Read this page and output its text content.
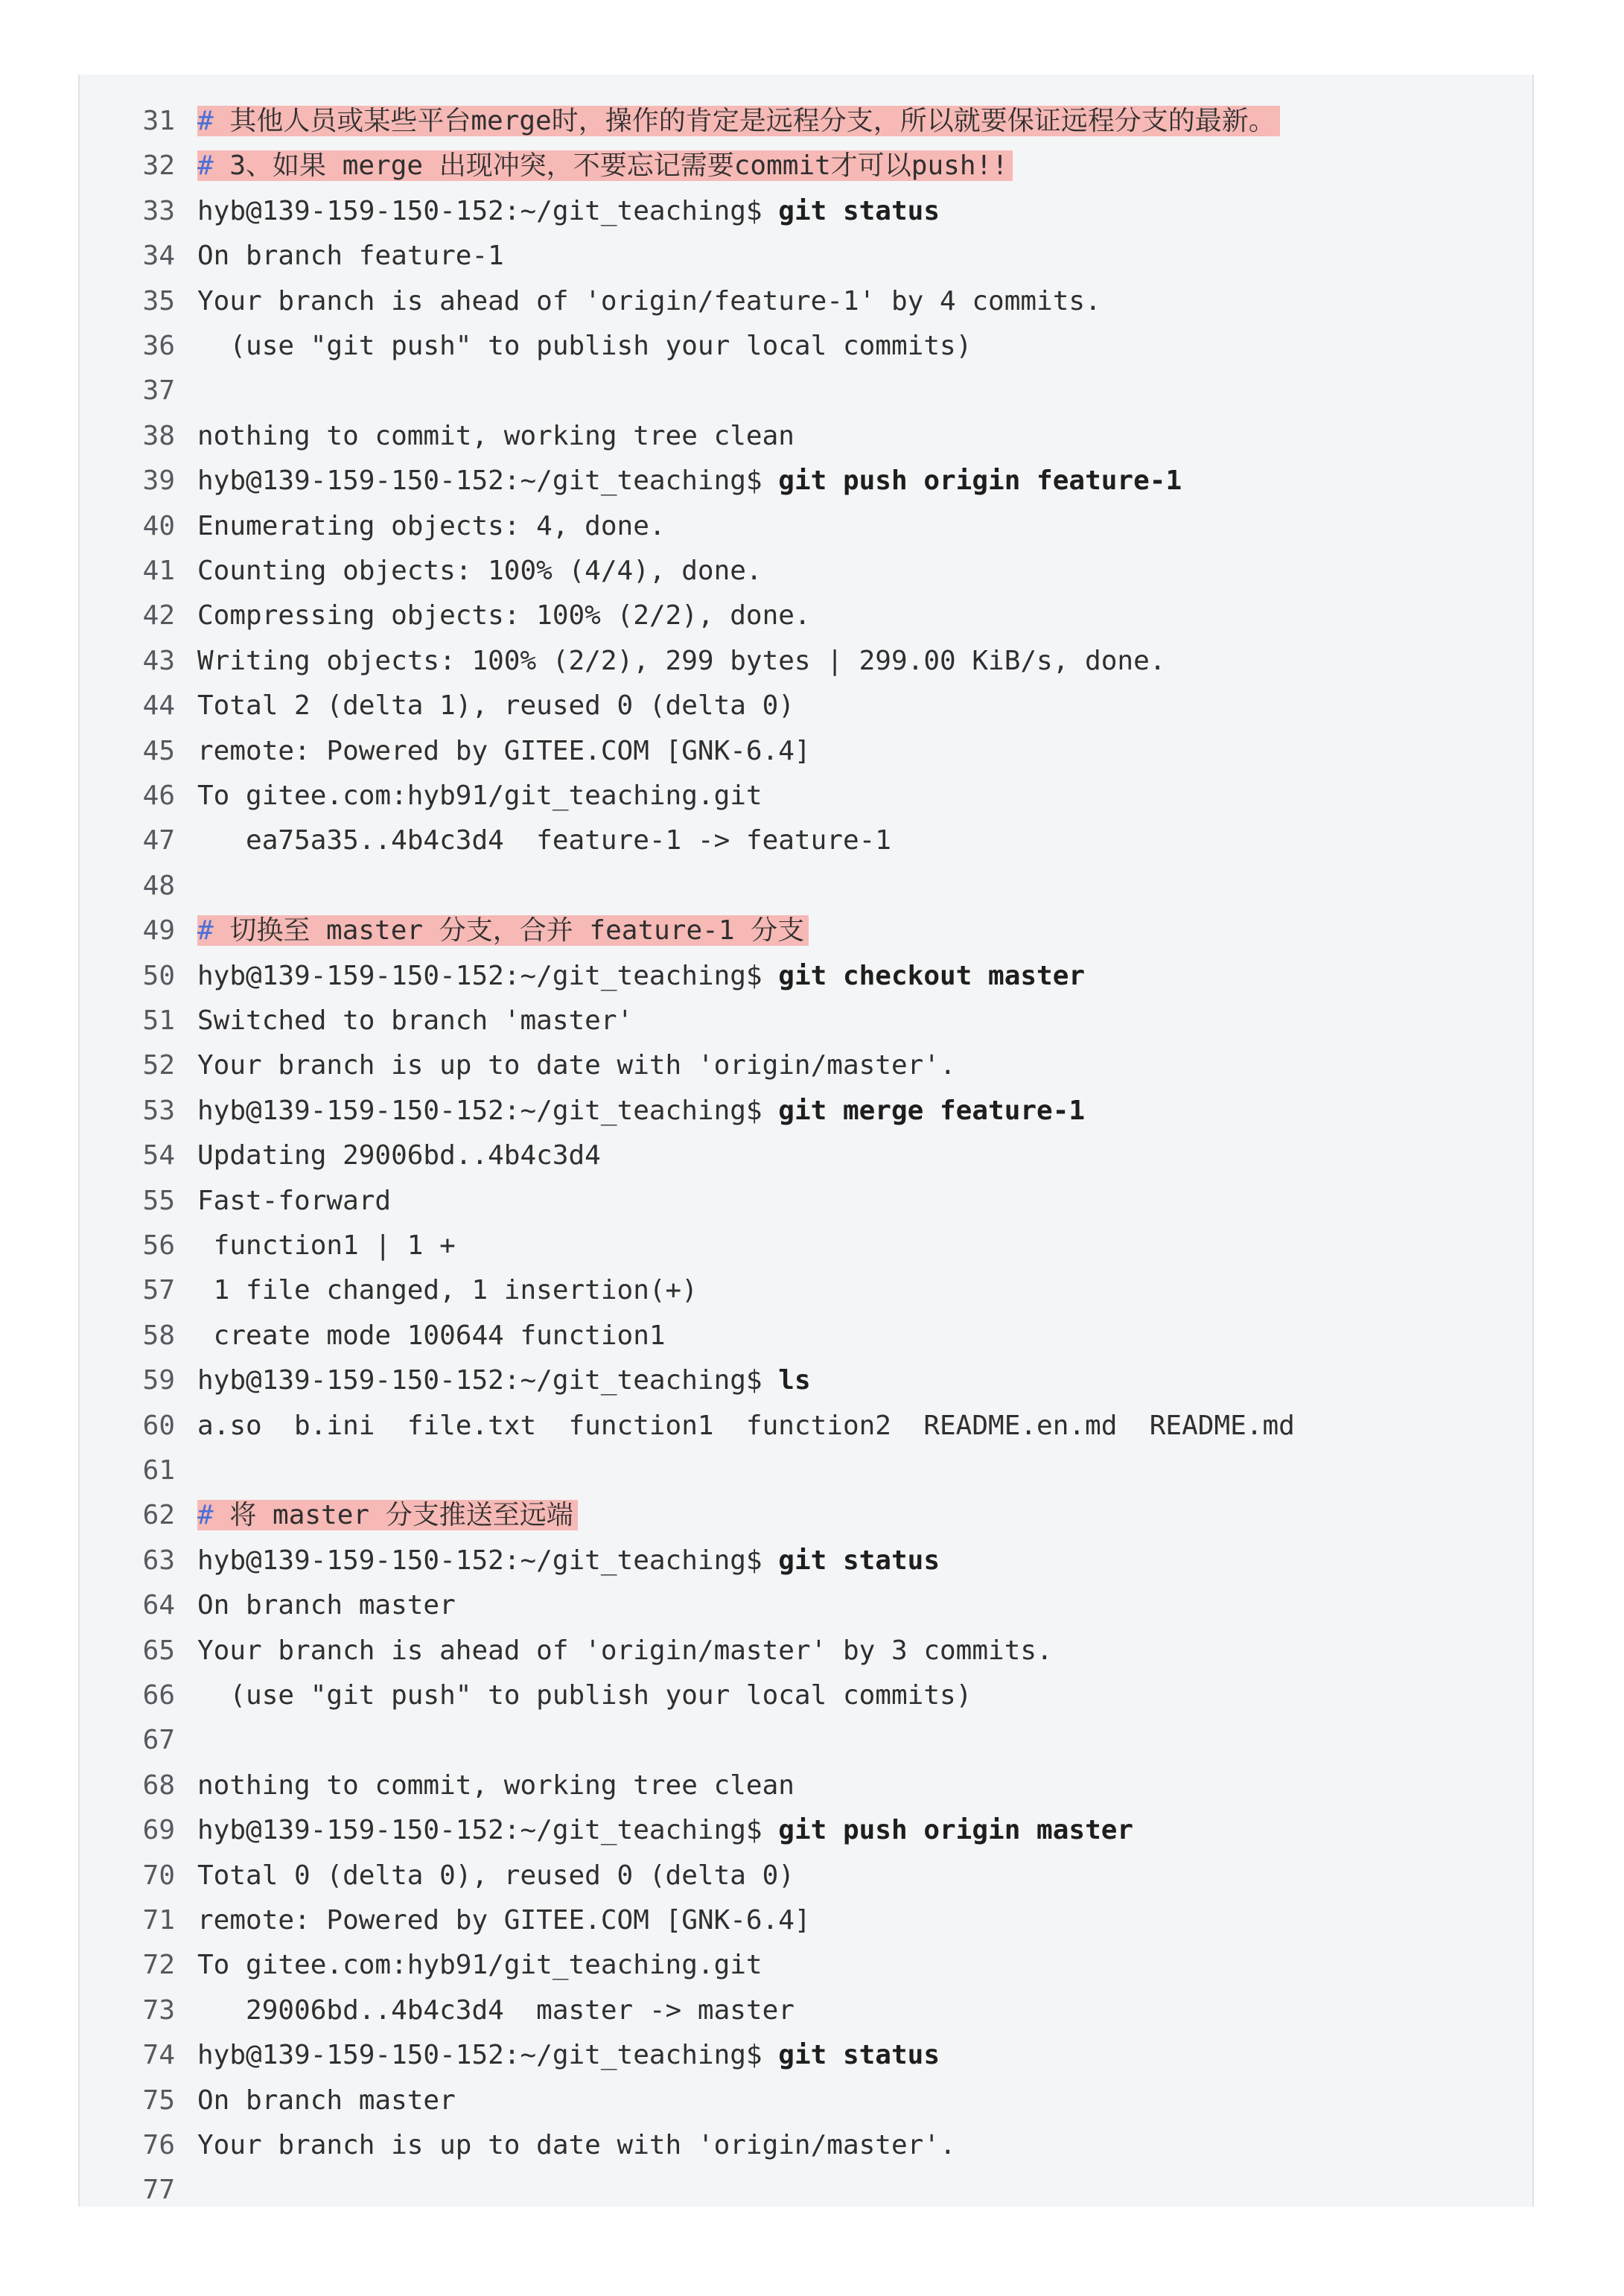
31 # 其他人员或某些平台merge时，操作的肯定是远程分支，所以就要保证远程分支的最新。
32 # 3、如果 merge 出现冲突，不要忘记需要commit才可以push!!
33 hyb@139-159-150-152:~/git_teaching$ git status
34 On branch feature-1
35 Your branch is ahead of 'origin/feature-1' by 4 commits.
36 (use "git push" to publish your local commits)
37
38 nothing to commit, working tree clean
39 hyb@139-159-150-152:~/git_teaching$ git push origin feature-1
40 Enumerating objects: 4, done.
41 Counting objects: 100% (4/4), done.
42 Compressing objects: 100% (2/2), done.
43 Writing objects: 100% (2/2), 299 bytes | 299.00 KiB/s, done.
44 Total 2 (delta 1), reused 0 (delta 0)
45 remote: Powered by GITEE.COM [GNK-6.4]
46 To gitee.com:hyb91/git_teaching.git
47 ea75a35..4b4c3d4  feature-1 -> feature-1
48
49 # 切换至 master 分支，合并 feature-1 分支
50 hyb@139-159-150-152:~/git_teaching$ git checkout master
51 Switched to branch 'master'
52 Your branch is up to date with 'origin/master'.
53 hyb@139-159-150-152:~/git_teaching$ git merge feature-1
54 Updating 29006bd..4b4c3d4
55 Fast-forward
56 function1 | 1 +
57 1 file changed, 1 insertion(+)
58 create mode 100644 function1
59 hyb@139-159-150-152:~/git_teaching$ ls
60 a.so  b.ini  file.txt  function1  function2  README.en.md  README.md
61
62 # 将 master 分支推送至远端
63 hyb@139-159-150-152:~/git_teaching$ git status
64 On branch master
65 Your branch is ahead of 'origin/master' by 3 commits.
66 (use "git push" to publish your local commits)
67
68 nothing to commit, working tree clean
69 hyb@139-159-150-152:~/git_teaching$ git push origin master
70 Total 0 (delta 0), reused 0 (delta 0)
71 remote: Powered by GITEE.COM [GNK-6.4]
72 To gitee.com:hyb91/git_teaching.git
73 29006bd..4b4c3d4  master -> master
74 hyb@139-159-150-152:~/git_teaching$ git status
75 On branch master
76 Your branch is up to date with 'origin/master'.
77
